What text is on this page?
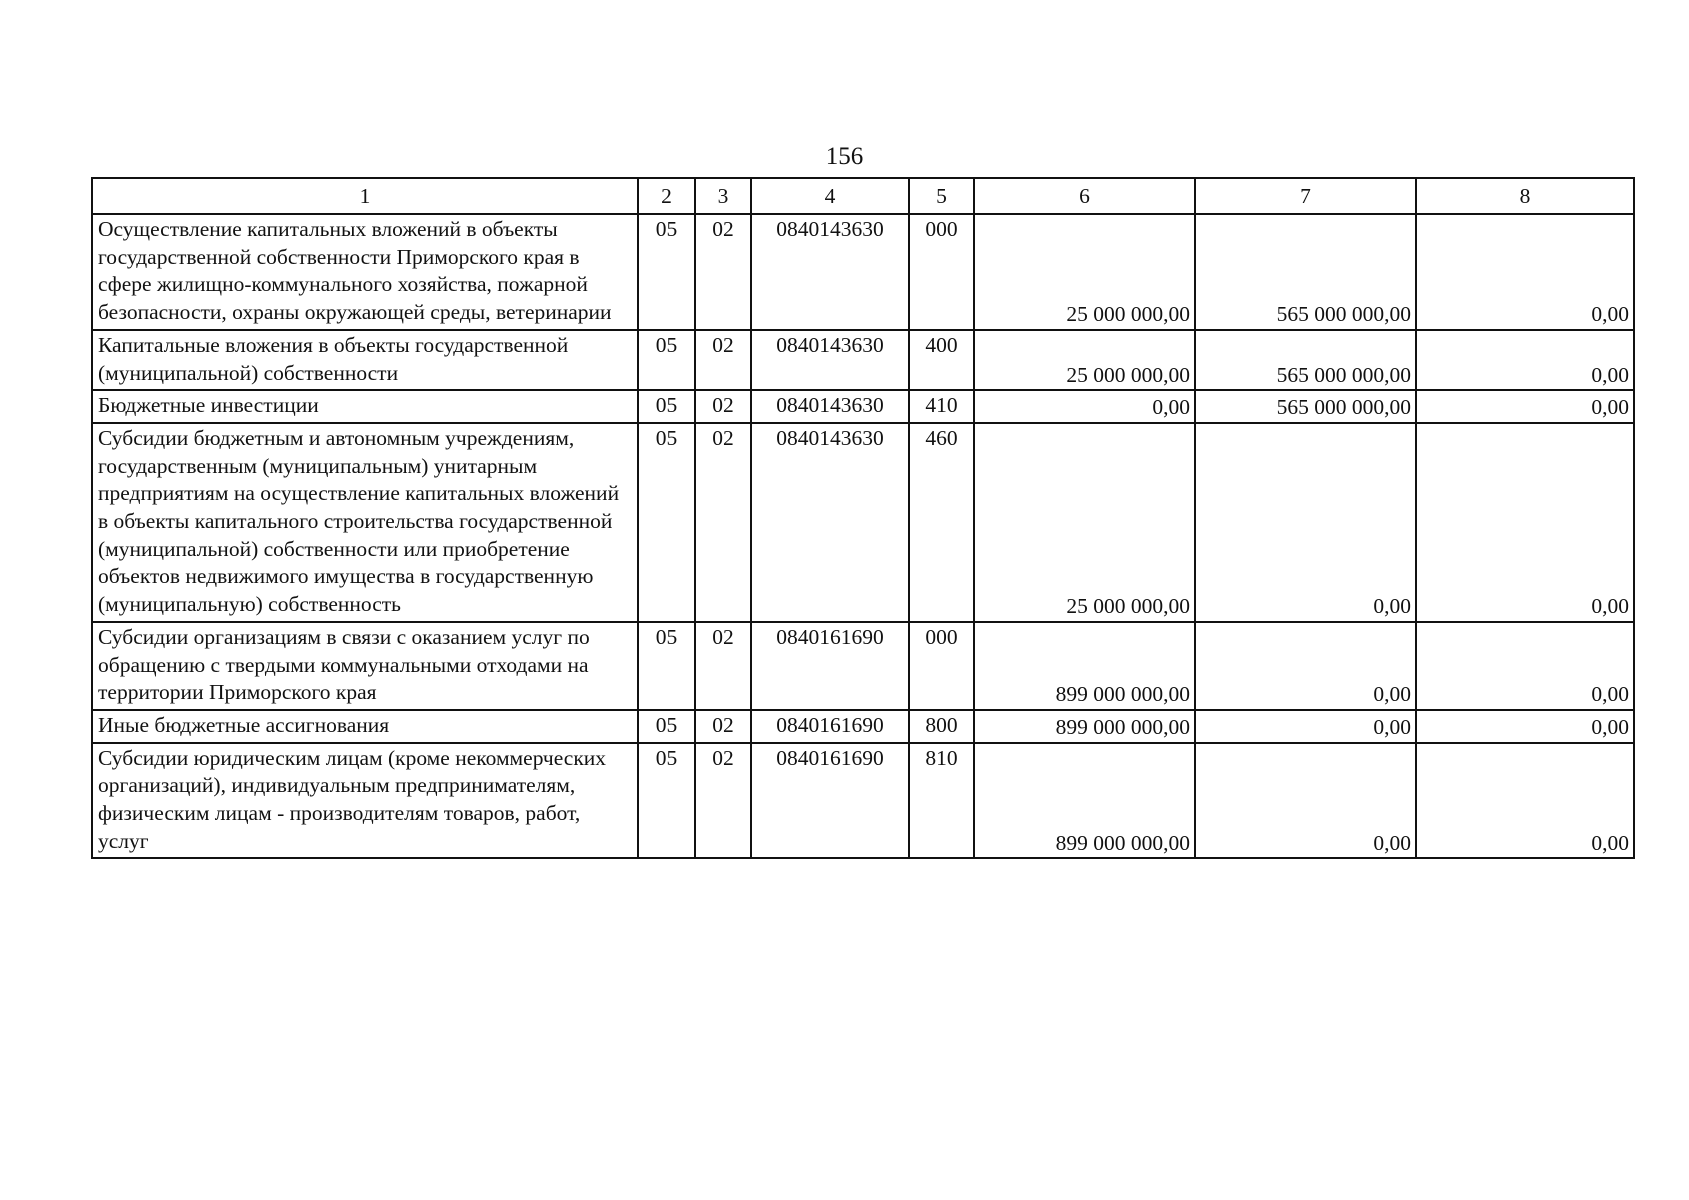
156
1	2	3	4	5	6	7	8
Осуществление капитальных вложений в объекты государственной собственности Приморского края в сфере жилищно-коммунального хозяйства, пожарной безопасности, охраны окружающей среды, ветеринарии	05	02	0840143630	000	25 000 000,00	565 000 000,00	0,00
Капитальные вложения в объекты государственной (муниципальной) собственности	05	02	0840143630	400	25 000 000,00	565 000 000,00	0,00
Бюджетные инвестиции	05	02	0840143630	410	0,00	565 000 000,00	0,00
Субсидии бюджетным и автономным учреждениям, государственным (муниципальным) унитарным предприятиям на осуществление капитальных вложений в объекты капитального строительства государственной (муниципальной) собственности или приобретение объектов недвижимого имущества в государственную (муниципальную) собственность	05	02	0840143630	460	25 000 000,00	0,00	0,00
Субсидии организациям в связи с оказанием услуг по обращению с твердыми коммунальными отходами на территории Приморского края	05	02	0840161690	000	899 000 000,00	0,00	0,00
Иные бюджетные ассигнования	05	02	0840161690	800	899 000 000,00	0,00	0,00
Субсидии юридическим лицам (кроме некоммерческих организаций), индивидуальным предпринимателям, физическим лицам - производителям товаров, работ, услуг	05	02	0840161690	810	899 000 000,00	0,00	0,00
